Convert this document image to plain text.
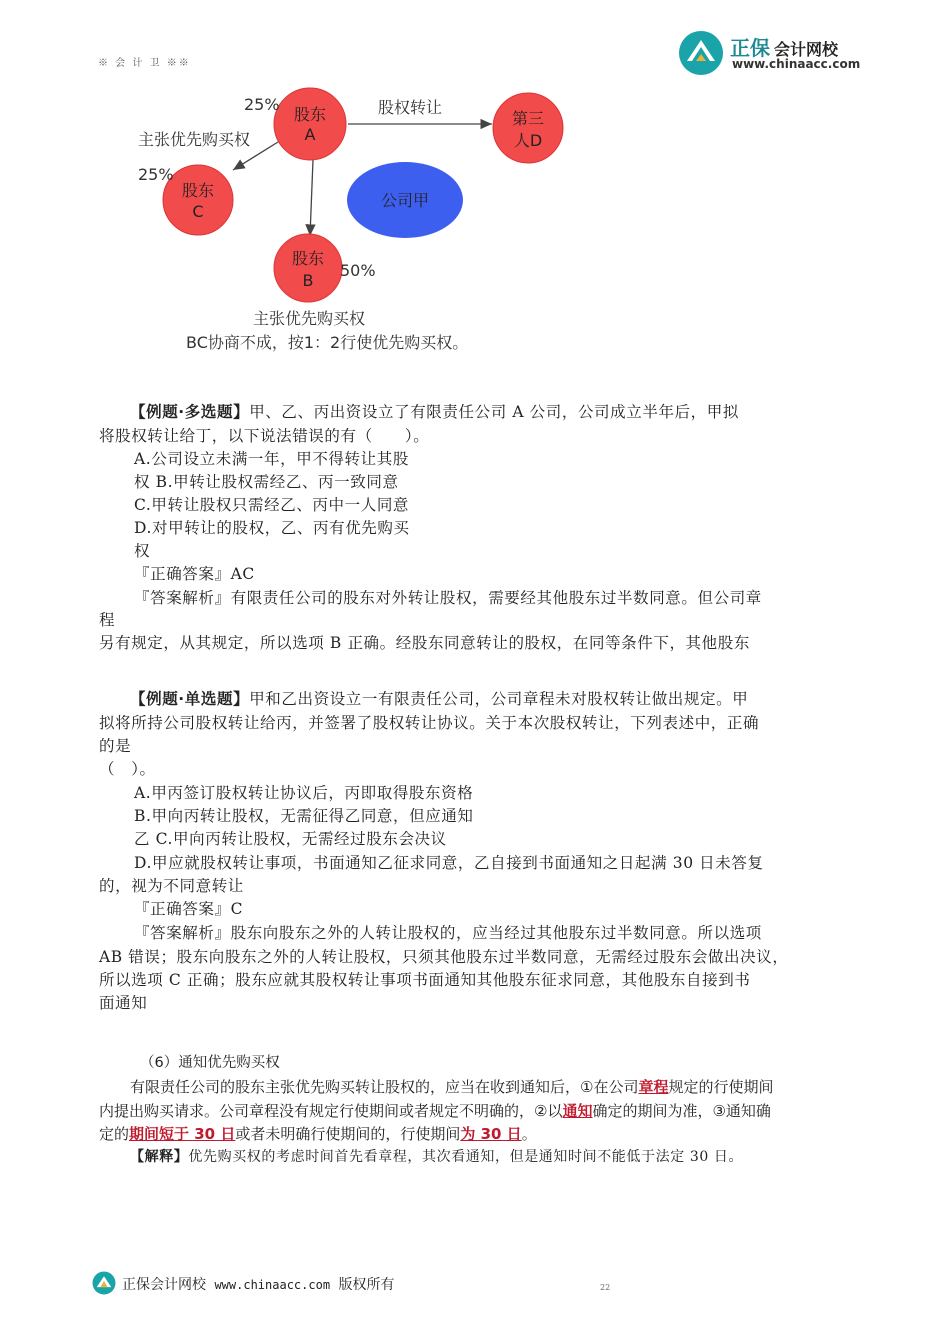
※ 会 计 卫 ※※
正保 会计网校
www.chinaacc.com
股东
A
25%
第三
人D
股权转让
股东
C
25%
主张优先购买权
公司甲
股东
B
50%
主张优先购买权
BC协商不成，按1：2行使优先购买权。
【例题·多选题】甲、乙、丙出资设立了有限责任公司 A 公司，公司成立半年后，甲拟
将股权转让给丁，以下说法错误的有（　　）。
A.公司设立未满一年，甲不得转让其股
权 B.甲转让股权需经乙、丙一致同意
C.甲转让股权只需经乙、丙中一人同意
D.对甲转让的股权，乙、丙有优先购买
权
『正确答案』AC
『答案解析』有限责任公司的股东对外转让股权，需要经其他股东过半数同意。但公司章
程
另有规定，从其规定，所以选项 B 正确。经股东同意转让的股权，在同等条件下，其他股东
【例题·单选题】甲和乙出资设立一有限责任公司，公司章程未对股权转让做出规定。甲
拟将所持公司股权转让给丙，并签署了股权转让协议。关于本次股权转让，下列表述中，正确
的是
（　）。
A.甲丙签订股权转让协议后，丙即取得股东资格
B.甲向丙转让股权，无需征得乙同意，但应通知
乙 C.甲向丙转让股权，无需经过股东会决议
D.甲应就股权转让事项，书面通知乙征求同意，乙自接到书面通知之日起满 30 日未答复
的，视为不同意转让
『正确答案』C
『答案解析』股东向股东之外的人转让股权的，应当经过其他股东过半数同意。所以选项
AB 错误；股东向股东之外的人转让股权，只须其他股东过半数同意，无需经过股东会做出决议，
所以选项 C 正确；股东应就其股权转让事项书面通知其他股东征求同意，其他股东自接到书
面通知
（6）通知优先购买权
有限责任公司的股东主张优先购买转让股权的，应当在收到通知后，①在公司章程规定的行使期间
内提出购买请求。公司章程没有规定行使期间或者规定不明确的，②以通知确定的期间为准，③通知确
定的期间短于 30 日或者未明确行使期间的，行使期间为 30 日。
【解释】优先购买权的考虑时间首先看章程，其次看通知，但是通知时间不能低于法定 30 日。
正保会计网校 www.chinaacc.com 版权所有	22
